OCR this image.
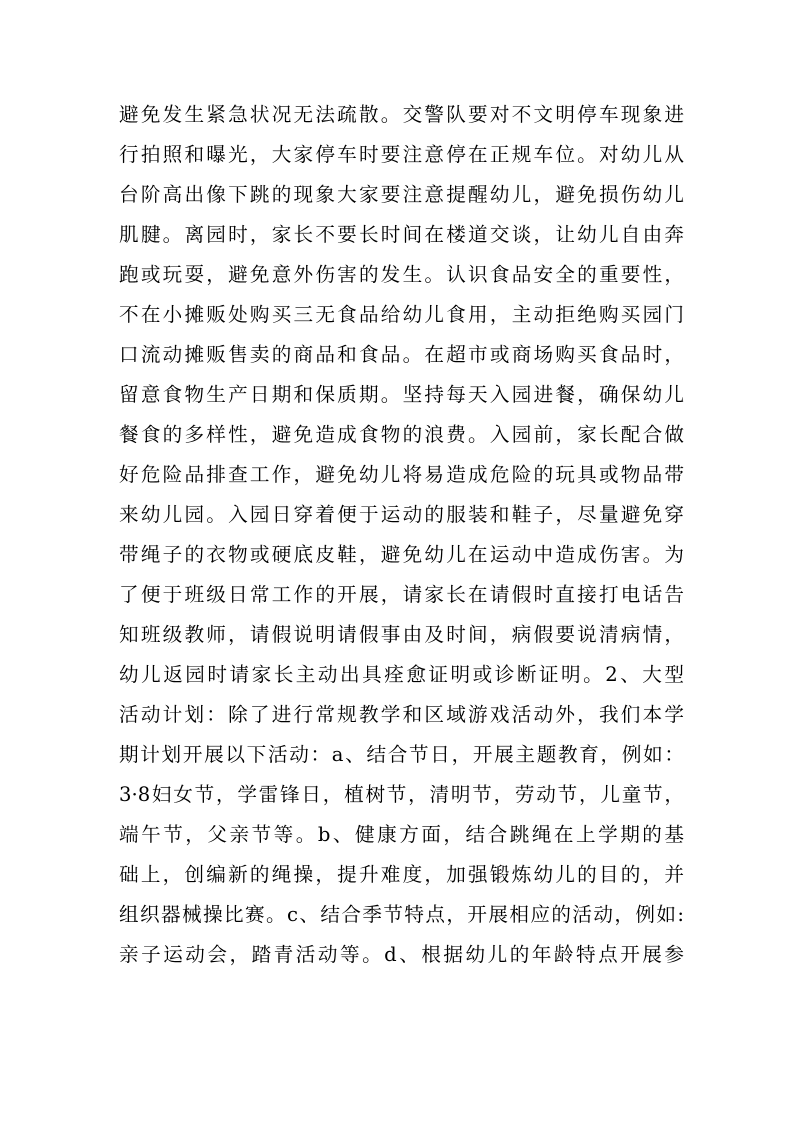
避免发生紧急状况无法疏散。交警队要对不文明停车现象进
行拍照和曝光，大家停车时要注意停在正规车位。对幼儿从
台阶高出像下跳的现象大家要注意提醒幼儿，避免损伤幼儿
肌腱。离园时，家长不要长时间在楼道交谈，让幼儿自由奔
跑或玩耍，避免意外伤害的发生。认识食品安全的重要性，
不在小摊贩处购买三无食品给幼儿食用，主动拒绝购买园门
口流动摊贩售卖的商品和食品。在超市或商场购买食品时，
留意食物生产日期和保质期。坚持每天入园进餐，确保幼儿
餐食的多样性，避免造成食物的浪费。入园前，家长配合做
好危险品排查工作，避免幼儿将易造成危险的玩具或物品带
来幼儿园。入园日穿着便于运动的服装和鞋子，尽量避免穿
带绳子的衣物或硬底皮鞋，避免幼儿在运动中造成伤害。为
了便于班级日常工作的开展，请家长在请假时直接打电话告
知班级教师，请假说明请假事由及时间，病假要说清病情，
幼儿返园时请家长主动出具痊愈证明或诊断证明。2、大型
活动计划：除了进行常规教学和区域游戏活动外，我们本学
期计划开展以下活动：a、结合节日，开展主题教育，例如：
3·8妇女节，学雷锋日，植树节，清明节，劳动节，儿童节，
端午节，父亲节等。b、健康方面，结合跳绳在上学期的基
础上，创编新的绳操，提升难度，加强锻炼幼儿的目的，并
组织器械操比赛。c、结合季节特点，开展相应的活动，例如:
亲子运动会，踏青活动等。d、根据幼儿的年龄特点开展参
